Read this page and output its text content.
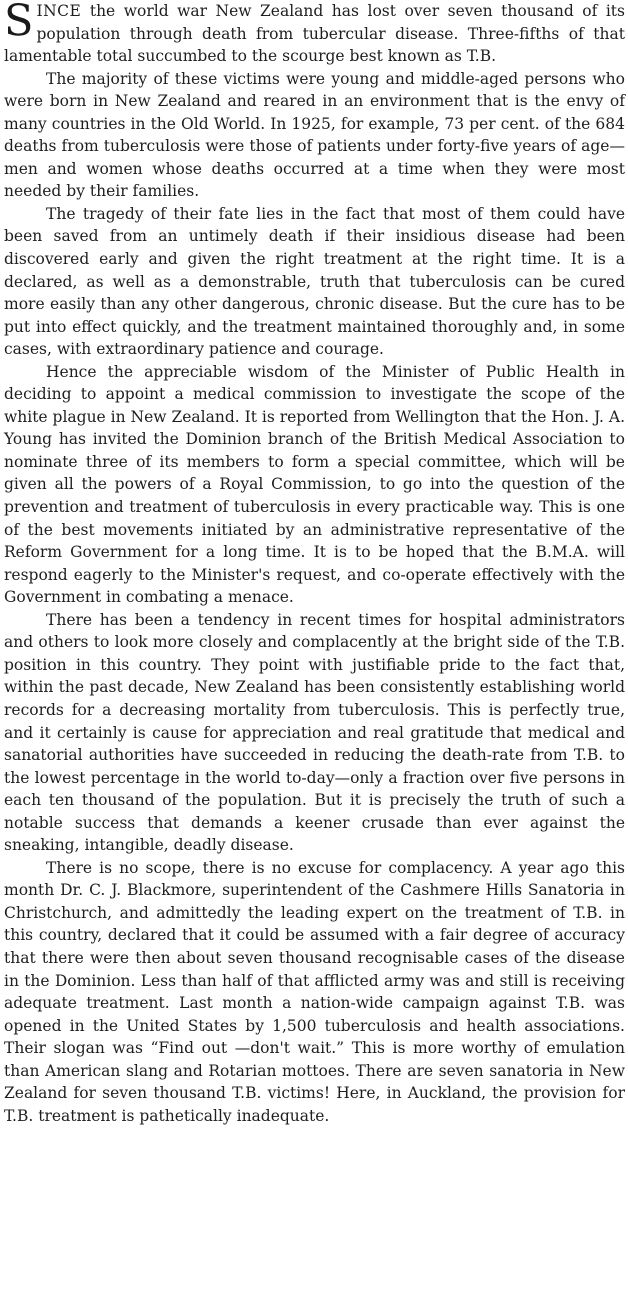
SINCE the world war New Zealand has lost over seven thousand of its population through death from tubercular disease. Three-fifths of that lamentable total succumbed to the scourge best known as T.B.

The majority of these victims were young and middle-aged persons who were born in New Zealand and reared in an environment that is the envy of many countries in the Old World. In 1925, for example, 73 per cent. of the 684 deaths from tuberculosis were those of patients under forty-five years of age—men and women whose deaths occurred at a time when they were most needed by their families.

The tragedy of their fate lies in the fact that most of them could have been saved from an untimely death if their insidious disease had been discovered early and given the right treatment at the right time. It is a declared, as well as a demonstrable, truth that tuberculosis can be cured more easily than any other dangerous, chronic disease. But the cure has to be put into effect quickly, and the treatment maintained thoroughly and, in some cases, with extraordinary patience and courage.

Hence the appreciable wisdom of the Minister of Public Health in deciding to appoint a medical commission to investigate the scope of the white plague in New Zealand. It is reported from Wellington that the Hon. J. A. Young has invited the Dominion branch of the British Medical Association to nominate three of its members to form a special committee, which will be given all the powers of a Royal Commission, to go into the question of the prevention and treatment of tuberculosis in every practicable way. This is one of the best movements initiated by an administrative representative of the Reform Government for a long time. It is to be hoped that the B.M.A. will respond eagerly to the Minister's request, and co-operate effectively with the Government in combating a menace.

There has been a tendency in recent times for hospital administrators and others to look more closely and complacently at the bright side of the T.B. position in this country. They point with justifiable pride to the fact that, within the past decade, New Zealand has been consistently establishing world records for a decreasing mortality from tuberculosis. This is perfectly true, and it certainly is cause for appreciation and real gratitude that medical and sanatorial authorities have succeeded in reducing the death-rate from T.B. to the lowest percentage in the world to-day—only a fraction over five persons in each ten thousand of the population. But it is precisely the truth of such a notable success that demands a keener crusade than ever against the sneaking, intangible, deadly disease.

There is no scope, there is no excuse for complacency. A year ago this month Dr. C. J. Blackmore, superintendent of the Cashmere Hills Sanatoria in Christchurch, and admittedly the leading expert on the treatment of T.B. in this country, declared that it could be assumed with a fair degree of accuracy that there were then about seven thousand recognisable cases of the disease in the Dominion. Less than half of that afflicted army was and still is receiving adequate treatment. Last month a nation-wide campaign against T.B. was opened in the United States by 1,500 tuberculosis and health associations. Their slogan was “Find out —don't wait.” This is more worthy of emulation than American slang and Rotarian mottoes. There are seven sanatoria in New Zealand for seven thousand T.B. victims! Here, in Auckland, the provision for T.B. treatment is pathetically inadequate.
